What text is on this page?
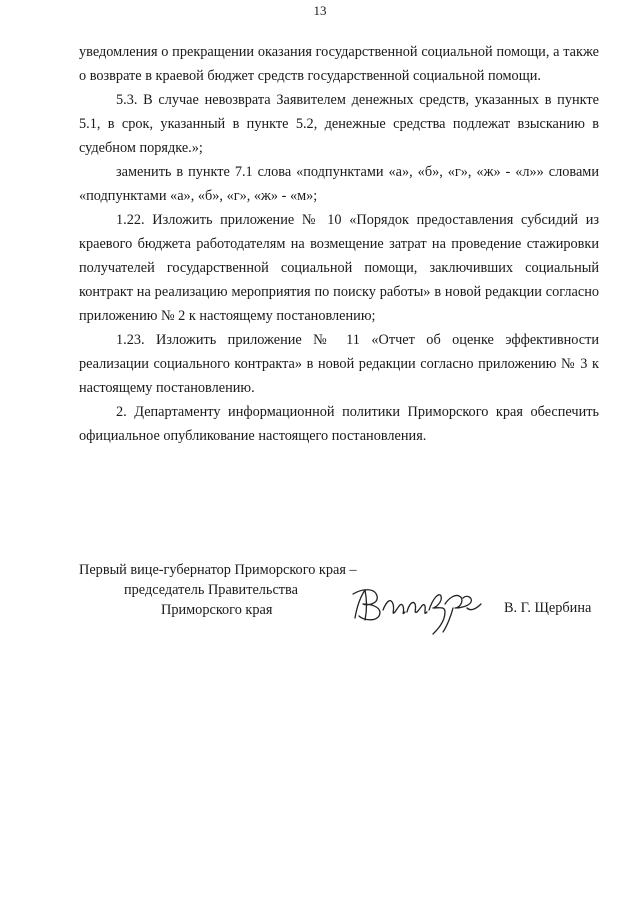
13

уведомления о прекращении оказания государственной социальной помощи, а также о возврате в краевой бюджет средств государственной социальной помощи.

5.3. В случае невозврата Заявителем денежных средств, указанных в пункте 5.1, в срок, указанный в пункте 5.2, денежные средства подлежат взысканию в судебном порядке.»;

заменить в пункте 7.1 слова «подпунктами «а», «б», «г», «ж» - «л»» словами «подпунктами «а», «б», «г», «ж» - «м»;

1.22. Изложить приложение № 10 «Порядок предоставления субсидий из краевого бюджета работодателям на возмещение затрат на проведение стажировки получателей государственной социальной помощи, заключивших социальный контракт на реализацию мероприятия по поиску работы» в новой редакции согласно приложению № 2 к настоящему постановлению;

1.23. Изложить приложение № 11 «Отчет об оценке эффективности реализации социального контракта» в новой редакции согласно приложению № 3 к настоящему постановлению.

2. Департаменту информационной политики Приморского края обеспечить официальное опубликование настоящего постановления.

Первый вице-губернатор Приморского края –
председатель Правительства
Приморского края	В. Г. Щербина
